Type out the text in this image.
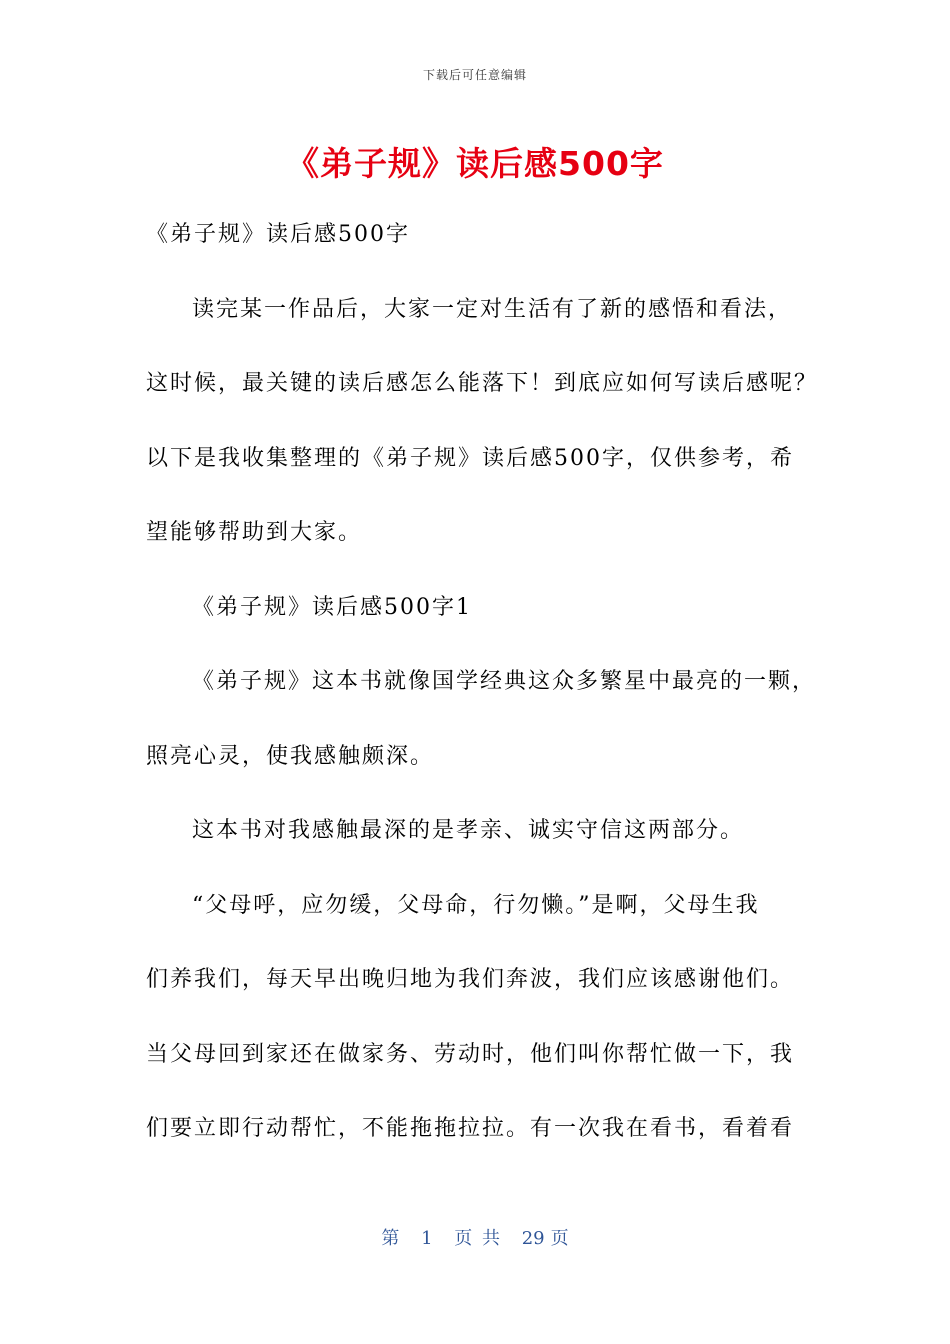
下载后可任意编辑
《弟子规》读后感500字

《弟子规》读后感500字

读完某一作品后，大家一定对生活有了新的感悟和看法，

这时候，最关键的读后感怎么能落下！到底应如何写读后感呢？

以下是我收集整理的《弟子规》读后感500字，仅供参考，希

望能够帮助到大家。

《弟子规》读后感500字1

《弟子规》这本书就像国学经典这众多繁星中最亮的一颗，

照亮心灵，使我感触颇深。

这本书对我感触最深的是孝亲、诚实守信这两部分。

“父母呼，应勿缓，父母命，行勿懒。”是啊，父母生我

们养我们，每天早出晚归地为我们奔波，我们应该感谢他们。

当父母回到家还在做家务、劳动时，他们叫你帮忙做一下，我

们要立即行动帮忙，不能拖拖拉拉。有一次我在看书，看着看

第 1 页 共 29 页
